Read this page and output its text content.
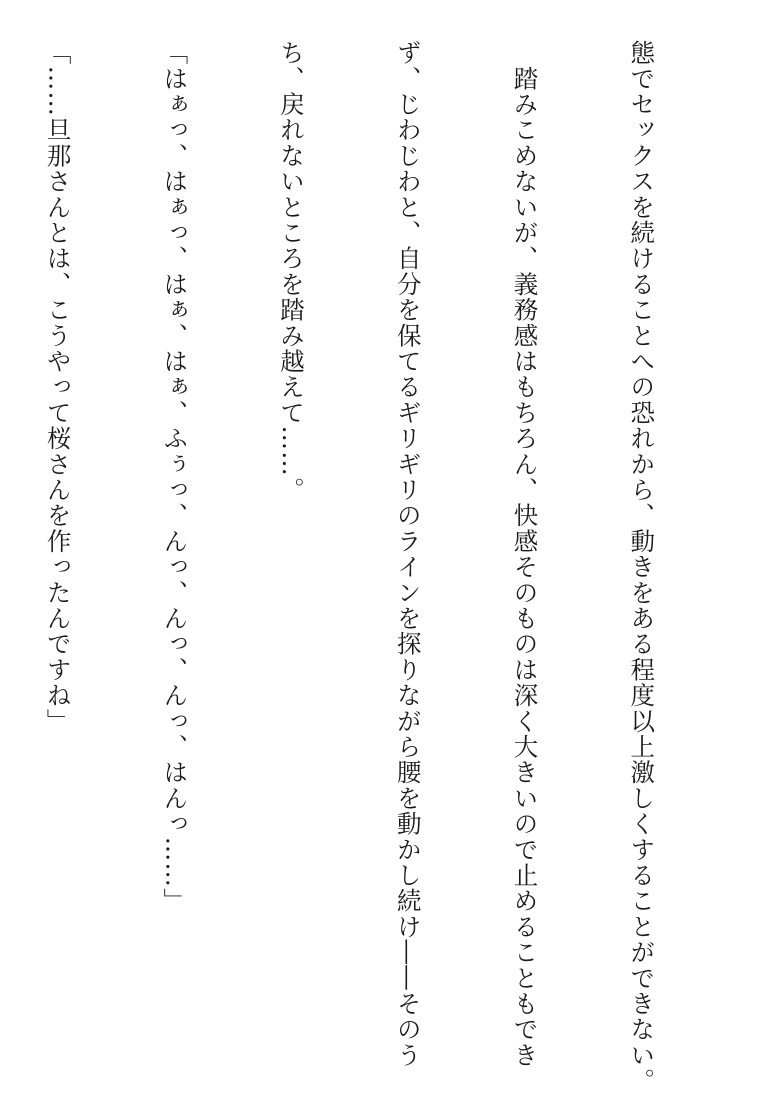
態でセックスを続けることへの恐れから、動きをある程度以上激しくすることができない。

　踏みこめないが、義務感はもちろん、快感そのものは深く大きいので止めることもでき

ず、じわじわと、自分を保てるギリギリのラインを探りながら腰を動かし続け――そのう

ち、戻れないところを踏み越えて……。

「はぁっ、はぁっ、はぁ、はぁ、ふぅっ、んっ、んっ、んっ、はんっ……」

「……旦那さんとは、こうやって桜さんを作ったんですね」
